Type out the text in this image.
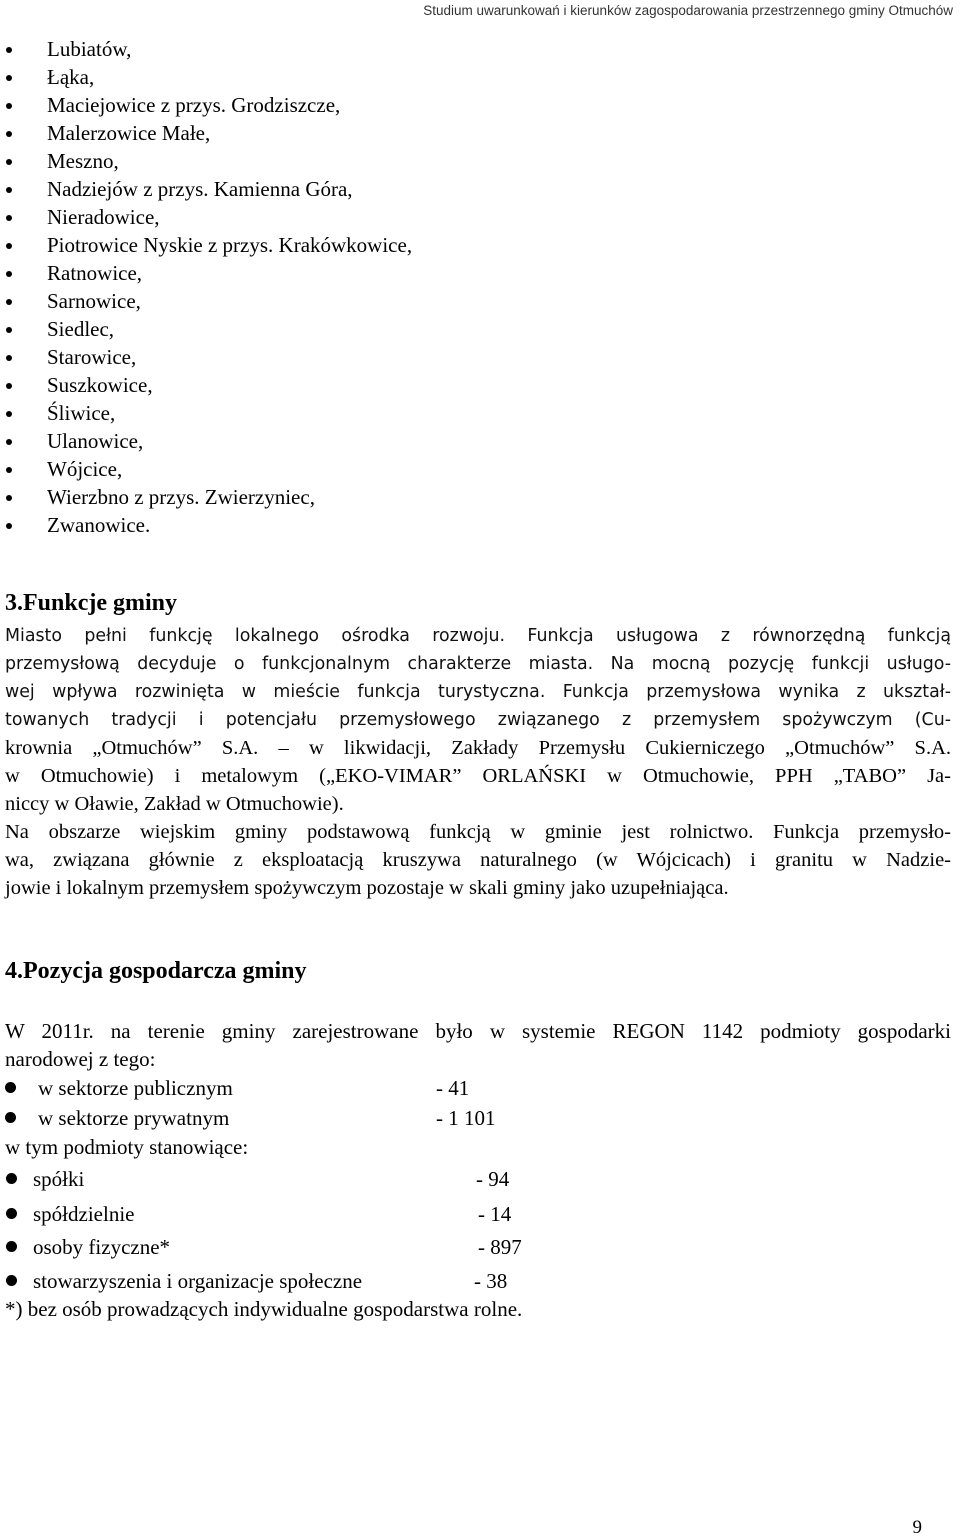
Studium uwarunkowań i kierunków zagospodarowania przestrzennego gminy Otmuchów
Lubiatów,
Łąka,
Maciejowice z przys. Grodziszcze,
Malerzowice Małe,
Meszno,
Nadziejów z przys. Kamienna Góra,
Nieradowice,
Piotrowice Nyskie z przys. Krakówkowice,
Ratnowice,
Sarnowice,
Siedlec,
Starowice,
Suszkowice,
Śliwice,
Ulanowice,
Wójcice,
Wierzbno z przys. Zwierzyniec,
Zwanowice.
3.Funkcje gminy
Miasto pełni funkcję lokalnego ośrodka rozwoju. Funkcja usługowa z równorzędną funkcją
przemysłową decyduje o funkcjonalnym charakterze miasta. Na mocną pozycję funkcji usługo-
wej wpływa rozwinięta w mieście funkcja turystyczna. Funkcja przemysłowa wynika z ukształ-
towanych tradycji i potencjału przemysłowego związanego z przemysłem spożywczym (Cu-
krownia „Otmuchów” S.A. – w likwidacji, Zakłady Przemysłu Cukierniczego „Otmuchów” S.A.
w Otmuchowie) i metalowym („EKO-VIMAR” ORLAŃSKI w Otmuchowie, PPH „TABO” Ja-
niccy w Oławie, Zakład w Otmuchowie).
Na obszarze wiejskim gminy podstawową funkcją w gminie jest rolnictwo. Funkcja przemysło-
wa, związana głównie z eksploatacją kruszywa naturalnego (w Wójcicach) i granitu w Nadzie-
jowie i lokalnym przemysłem spożywczym pozostaje w skali gminy jako uzupełniająca.
4.Pozycja gospodarcza gminy
W 2011r. na terenie gminy zarejestrowane było w systemie REGON 1142 podmioty gospodarki
narodowej z tego:
w sektorze publicznym	- 41
w sektorze prywatnym	- 1 101
w tym podmioty stanowiące:
spółki	- 94
spółdzielnie	- 14
osoby fizyczne*	- 897
stowarzyszenia i organizacje społeczne	- 38
*) bez osób prowadzących indywidualne gospodarstwa rolne.
9
